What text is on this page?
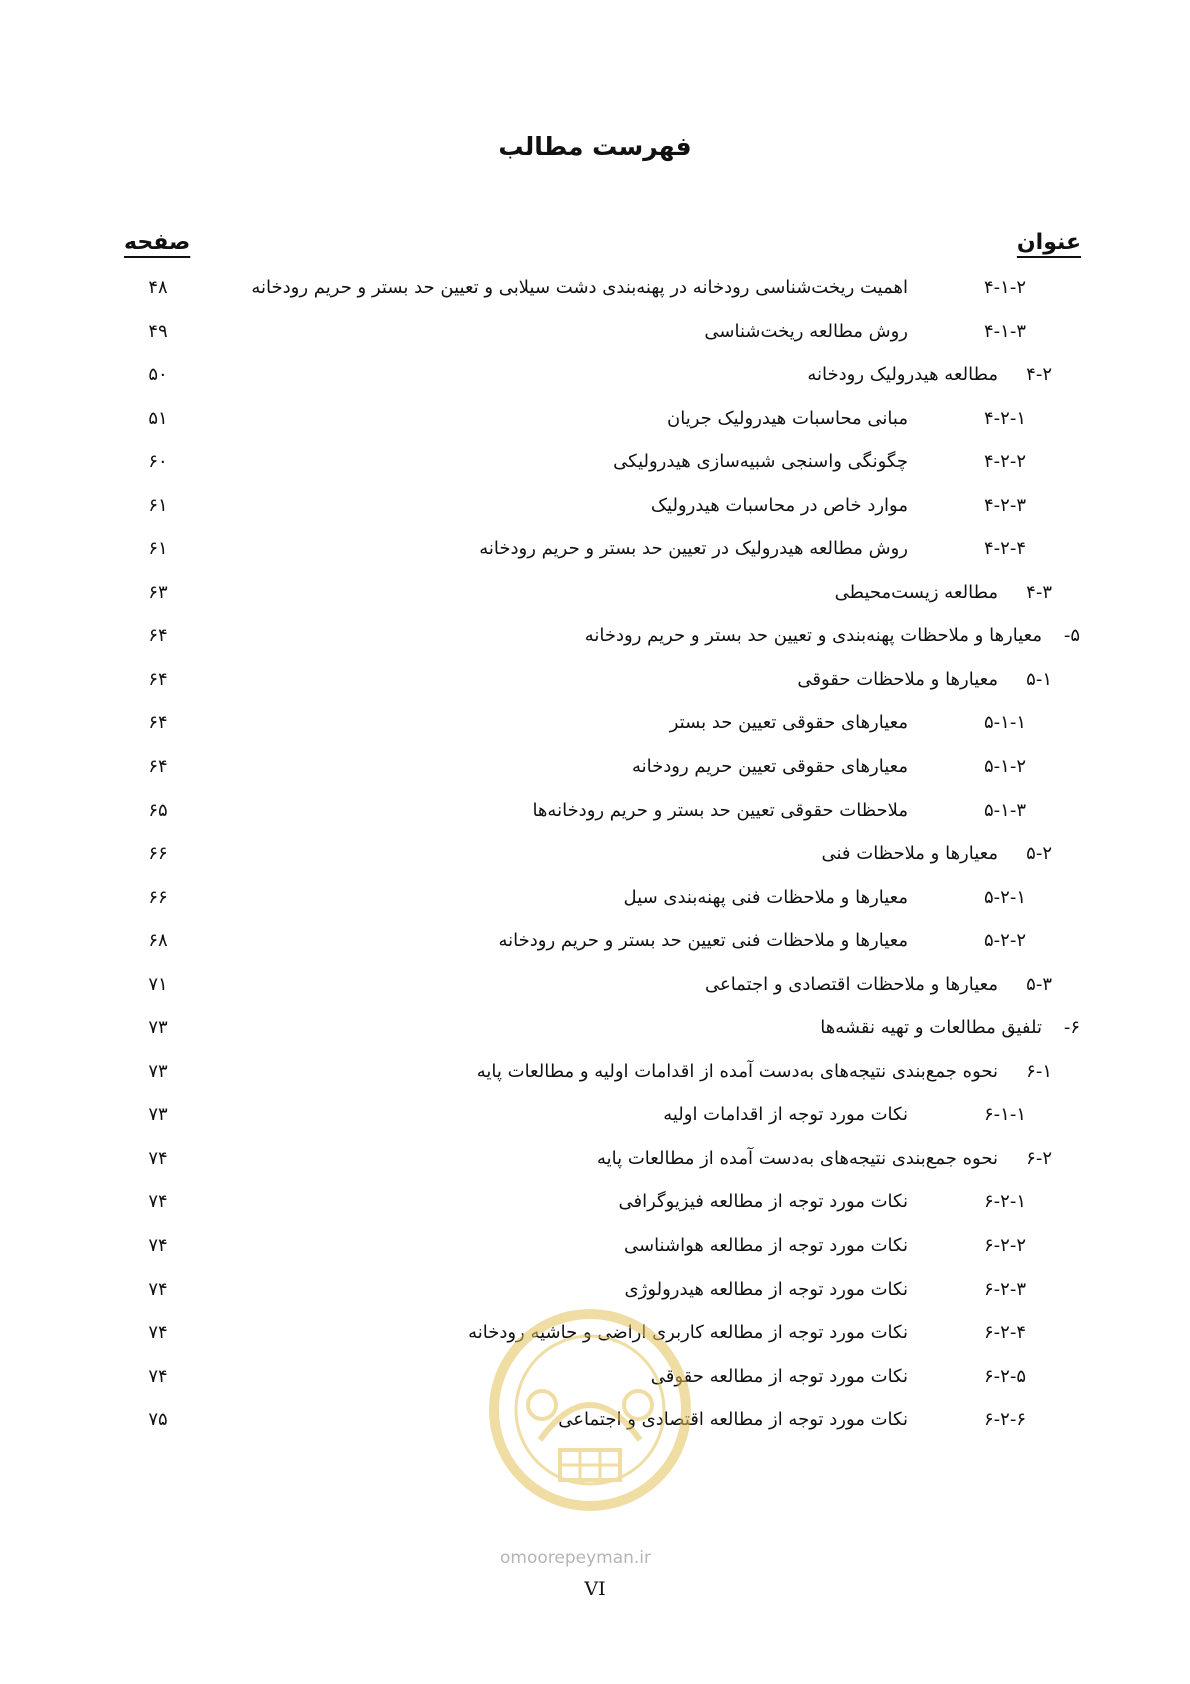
فهرست مطالب
عنوان
صفحه
۴-۱-۲
اهمیت ریخت‌شناسی رودخانه در پهنه‌بندی دشت سیلابی و تعیین حد بستر و حریم رودخانه
۴۸
۴-۱-۳
روش مطالعه ریخت‌شناسی
۴۹
۴-۲
مطالعه هیدرولیک رودخانه
۵۰
۴-۲-۱
مبانی محاسبات هیدرولیک جریان
۵۱
۴-۲-۲
چگونگی واسنجی شبیه‌سازی هیدرولیکی
۶۰
۴-۲-۳
موارد خاص در محاسبات هیدرولیک
۶۱
۴-۲-۴
روش مطالعه هیدرولیک در تعیین حد بستر و حریم رودخانه
۶۱
۴-۳
مطالعه زیست‌محیطی
۶۳
۵-
معیارها و ملاحظات پهنه‌بندی و تعیین حد بستر و حریم رودخانه
۶۴
۵-۱
معیارها و ملاحظات حقوقی
۶۴
۵-۱-۱
معیارهای حقوقی تعیین حد بستر
۶۴
۵-۱-۲
معیارهای حقوقی تعیین حریم رودخانه
۶۴
۵-۱-۳
ملاحظات حقوقی تعیین حد بستر و حریم رودخانه‌ها
۶۵
۵-۲
معیارها و ملاحظات فنی
۶۶
۵-۲-۱
معیارها و ملاحظات فنی پهنه‌بندی سیل
۶۶
۵-۲-۲
معیارها و ملاحظات فنی تعیین حد بستر و حریم رودخانه
۶۸
۵-۳
معیارها و ملاحظات اقتصادی و اجتماعی
۷۱
۶-
تلفیق مطالعات و تهیه نقشه‌ها
۷۳
۶-۱
نحوه جمع‌بندی نتیجه‌های به‌دست آمده از اقدامات اولیه و مطالعات پایه
۷۳
۶-۱-۱
نکات مورد توجه از اقدامات اولیه
۷۳
۶-۲
نحوه جمع‌بندی نتیجه‌های به‌دست آمده از مطالعات پایه
۷۴
۶-۲-۱
نکات مورد توجه از مطالعه فیزیوگرافی
۷۴
۶-۲-۲
نکات مورد توجه از مطالعه هواشناسی
۷۴
۶-۲-۳
نکات مورد توجه از مطالعه هیدرولوژی
۷۴
۶-۲-۴
نکات مورد توجه از مطالعه کاربری اراضی و حاشیه رودخانه
۷۴
۶-۲-۵
نکات مورد توجه از مطالعه حقوقی
۷۴
۶-۲-۶
نکات مورد توجه از مطالعه اقتصادی و اجتماعی
۷۵
omoorepeyman.ir
VI
